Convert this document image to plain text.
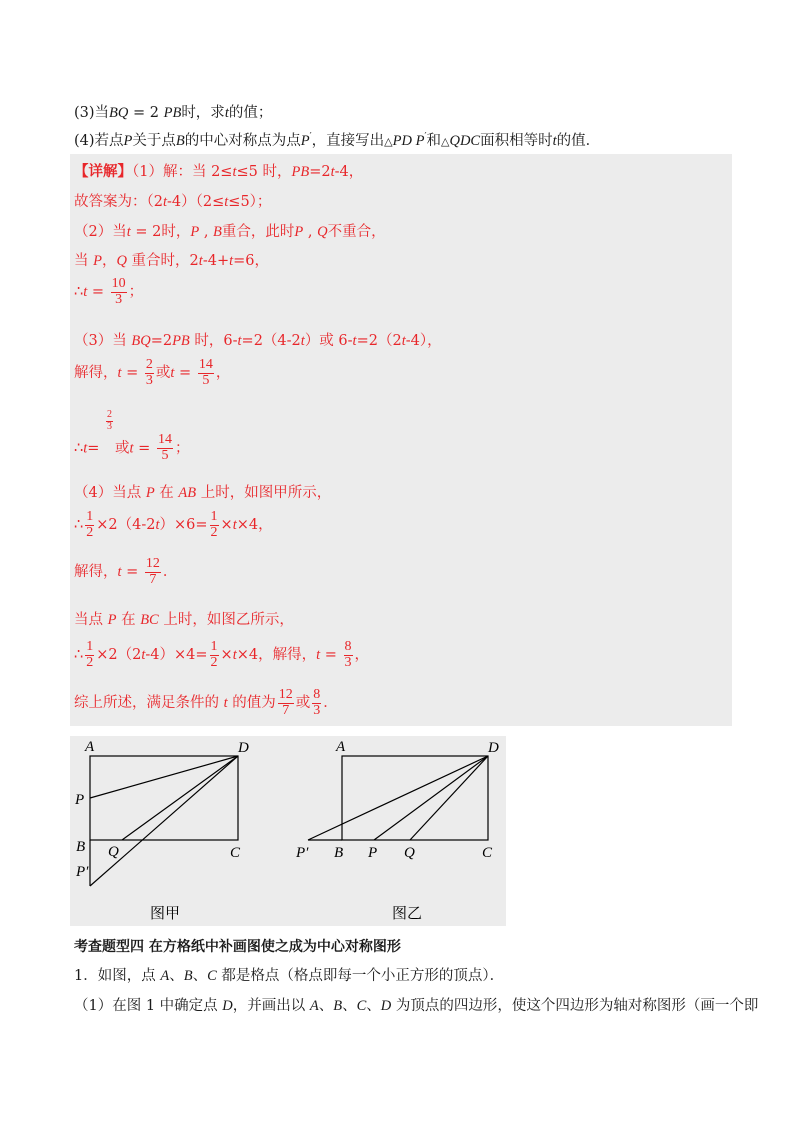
(3)当BQ = 2 PB时，求t的值；
(4)若点P关于点B的中心对称点为点P′，直接写出△PD P′和△QDC面积相等时t的值．
【详解】（1）解：当 2≤t≤5 时，PB=2t-4，
故答案为：（2t-4）（2≤t≤5）；
（2）当t = 2时，P , B重合，此时P , Q不重合，
当 P，Q 重合时，2t-4+t=6，
∴t = $\frac{10}{3}$ ；
（3）当 BQ=2PB 时，6-t=2（4-2t）或 6-t=2（2t-4），
解得，$t = \frac{2}{3}$ 或$t = \frac{14}{5}$ ，
∴t=
$\frac{2}{3}$
或$t = \frac{14}{5}$ ；
（4）当点 P 在 AB 上时，如图甲所示，
∴ $\frac{1}{2} \times 2(4-2t)\times 6= \frac{1}{2} \times t\times 4$，
解得，$t = \frac{12}{7}$ ．
当点 P 在 BC 上时，如图乙所示，
∴ $\frac{1}{2} \times 2(2t-4)\times 4= \frac{1}{2} \times t\times 4$，解得，$t = \frac{8}{3}$ ，
综上所述，满足条件的 t 的值为 $\frac{12}{7}$ 或 $\frac{8}{3}$ ．
A	D
P
B Q	C
P′
图甲
A	D
P′ B P Q	C
图乙
考查题型四 在方格纸中补画图使之成为中心对称图形
1．如图，点 A、B、C 都是格点（格点即每一个小正方形的顶点）．
（1）在图 1 中确定点 D，并画出以 A、B、C、D 为顶点的四边形，使这个四边形为轴对称图形（画一个即
